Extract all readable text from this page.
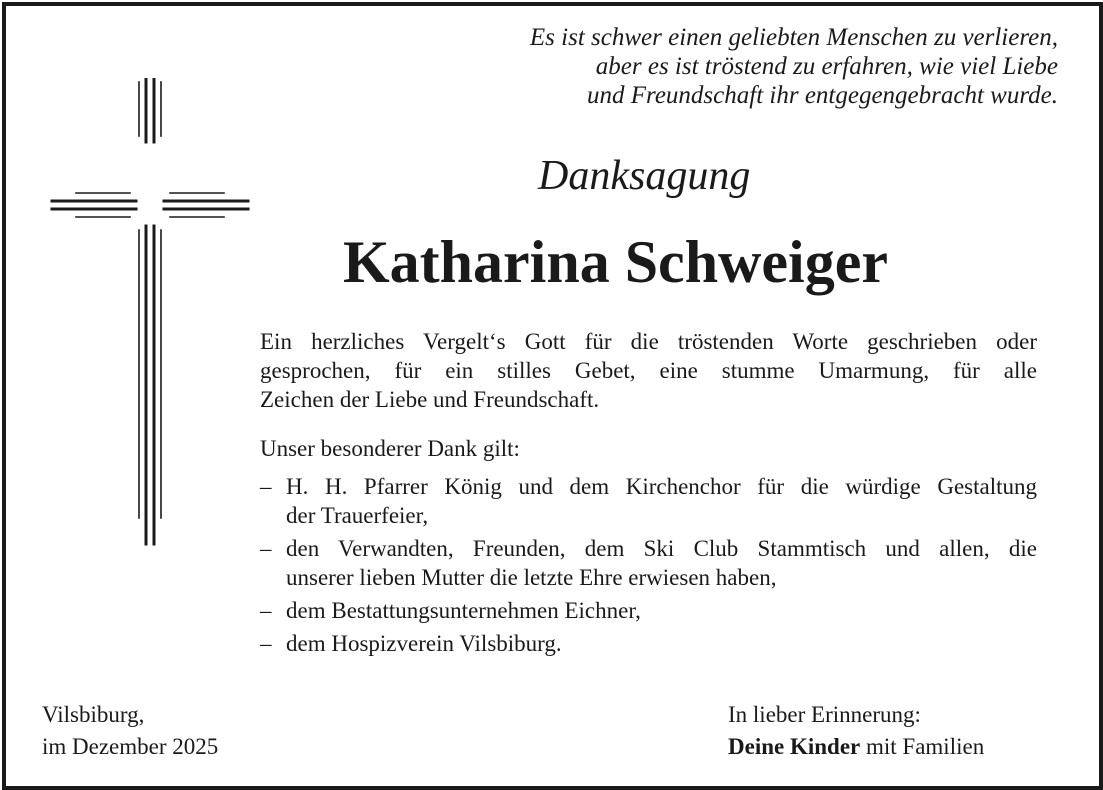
Es ist schwer einen geliebten Menschen zu verlieren,
aber es ist tröstend zu erfahren, wie viel Liebe
und Freundschaft ihr entgegengebracht wurde.
Danksagung
Katharina Schweiger
Ein herzliches Vergelt‘s Gott für die tröstenden Worte geschrieben oder
gesprochen, für ein stilles Gebet, eine stumme Umarmung, für alle
Zeichen der Liebe und Freundschaft.
Unser besonderer Dank gilt:
– H. H. Pfarrer König und dem Kirchenchor für die würdige Gestaltung
der Trauerfeier,
– den Verwandten, Freunden, dem Ski Club Stammtisch und allen, die
unserer lieben Mutter die letzte Ehre erwiesen haben,
– dem Bestattungsunternehmen Eichner,
– dem Hospizverein Vilsbiburg.
Vilsbiburg,
im Dezember 2025
In lieber Erinnerung:
Deine Kinder mit Familien
